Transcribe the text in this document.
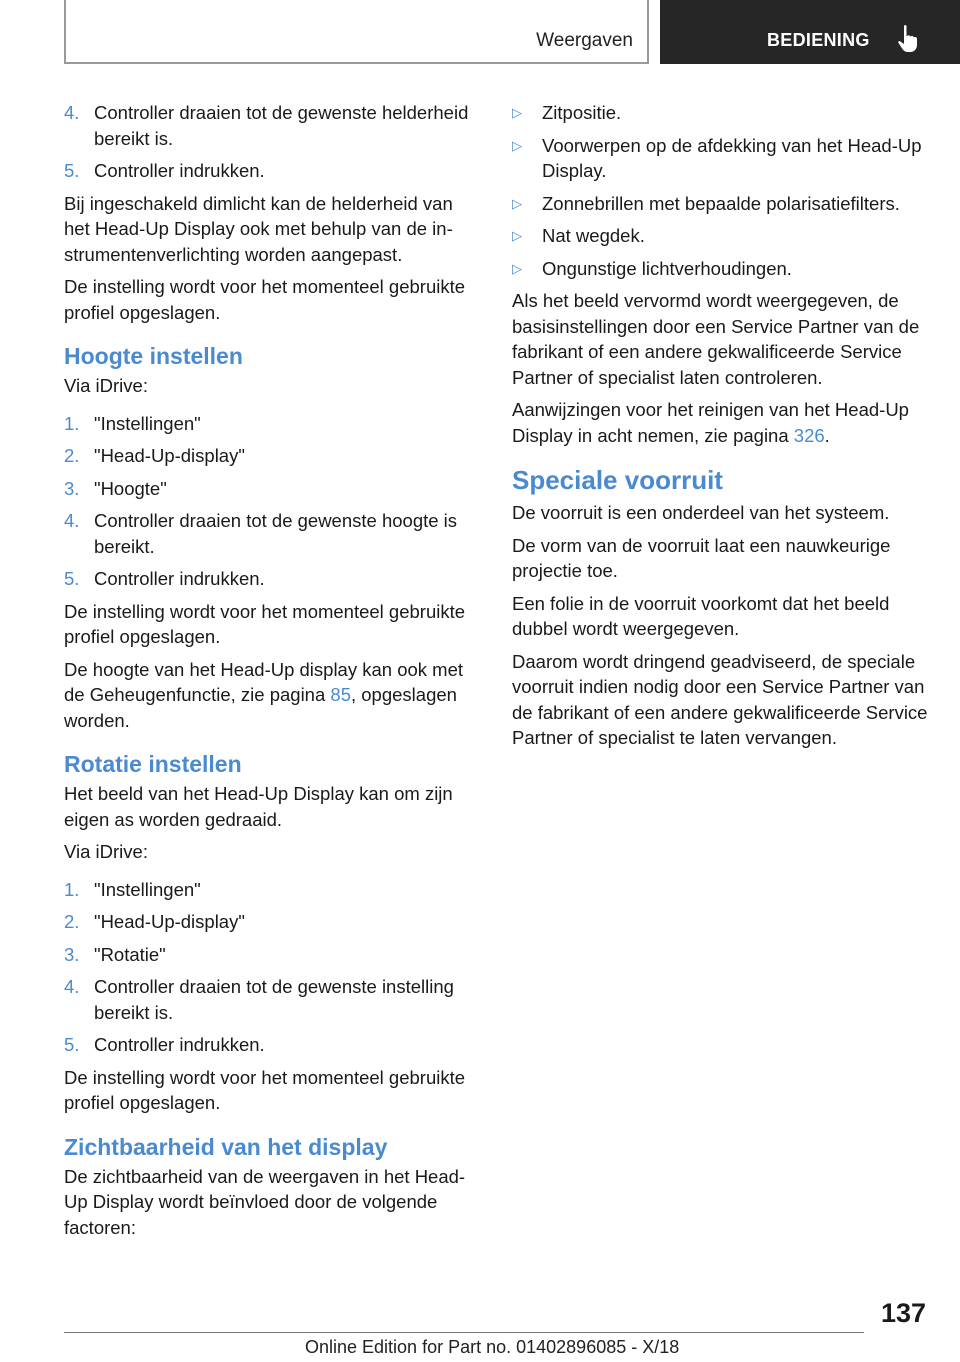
Weergaven	BEDIENING
4. Controller draaien tot de gewenste helderheid bereikt is.
5. Controller indrukken.

Bij ingeschakeld dimlicht kan de helderheid van het Head-Up Display ook met behulp van de instrumentenverlichting worden aangepast.

De instelling wordt voor het momenteel gebruikte profiel opgeslagen.

Hoogte instellen

Via iDrive:

1. "Instellingen"
2. "Head-Up-display"
3. "Hoogte"
4. Controller draaien tot de gewenste hoogte is bereikt.
5. Controller indrukken.

De instelling wordt voor het momenteel gebruikte profiel opgeslagen.

De hoogte van het Head-Up display kan ook met de Geheugenfunctie, zie pagina 85, opgeslagen worden.

Rotatie instellen

Het beeld van het Head-Up Display kan om zijn eigen as worden gedraaid.

Via iDrive:

1. "Instellingen"
2. "Head-Up-display"
3. "Rotatie"
4. Controller draaien tot de gewenste instelling bereikt is.
5. Controller indrukken.

De instelling wordt voor het momenteel gebruikte profiel opgeslagen.

Zichtbaarheid van het display

De zichtbaarheid van de weergaven in het Head-Up Display wordt beïnvloed door de volgende factoren:

▷ Zitpositie.
▷ Voorwerpen op de afdekking van het Head-Up Display.
▷ Zonnebrillen met bepaalde polarisatiefilters.
▷ Nat wegdek.
▷ Ongunstige lichtverhoudingen.

Als het beeld vervormd wordt weergegeven, de basisinstellingen door een Service Partner van de fabrikant of een andere gekwalificeerde Service Partner of specialist laten controleren.

Aanwijzingen voor het reinigen van het Head-Up Display in acht nemen, zie pagina 326.

Speciale voorruit

De voorruit is een onderdeel van het systeem.

De vorm van de voorruit laat een nauwkeurige projectie toe.

Een folie in de voorruit voorkomt dat het beeld dubbel wordt weergegeven.

Daarom wordt dringend geadviseerd, de speciale voorruit indien nodig door een Service Partner van de fabrikant of een andere gekwalificeerde Service Partner of specialist te laten vervangen.

137
Online Edition for Part no. 01402896085 - X/18
